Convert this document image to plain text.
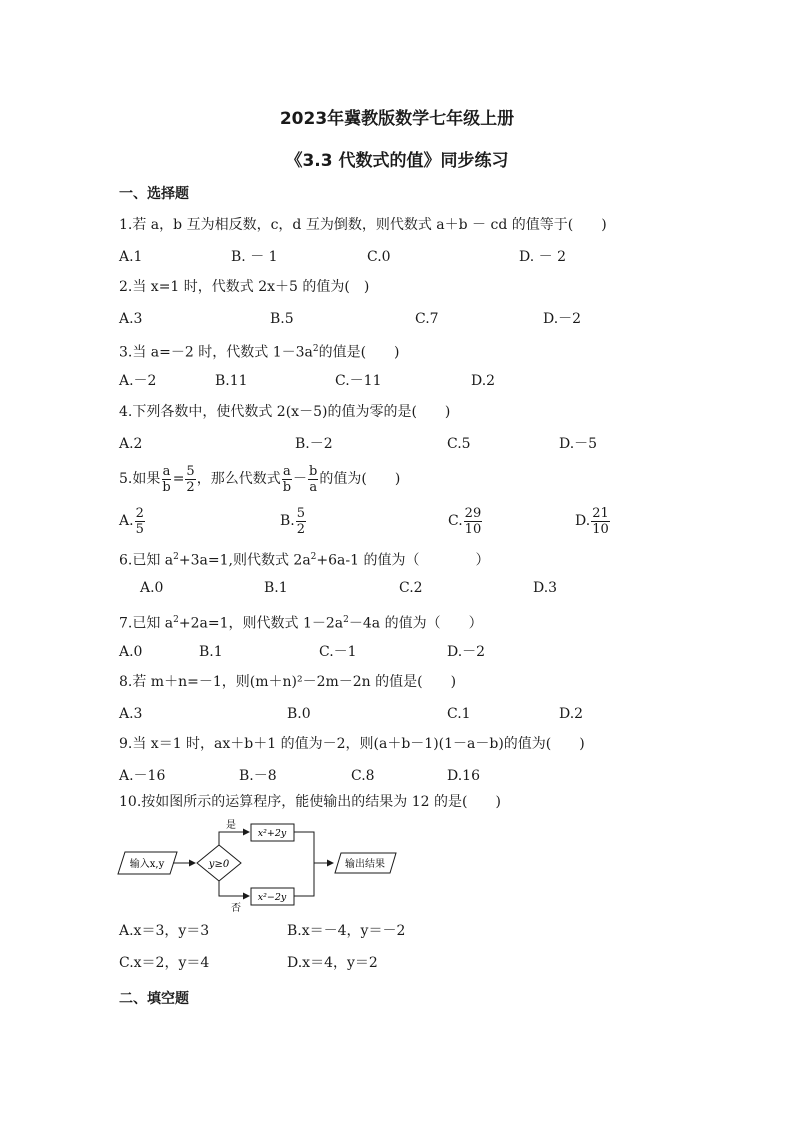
2023年冀教版数学七年级上册
《3.3 代数式的值》同步练习
一、选择题
1.若 a，b 互为相反数，c，d 互为倒数，则代数式 a＋b － cd 的值等于(　　)
A.1	B. － 1	C.0	D. － 2
2.当 x=1 时，代数式 2x＋5 的值为(　)
A.3	B.5	C.7	D.－2
3.当 a=－2 时，代数式 $1-3a^2$的值是(　　)
A.－2	B.11	C.－11	D.2
4.下列各数中，使代数式 2(x－5)的值为零的是(　　)
A.2	B.－2	C.5	D.－5
5.如果 $\frac{a}{b} = \frac{5}{2}$ ，那么代数式 $\frac{a}{b} - \frac{b}{a}$ 的值为(　　)
A. $\frac{2}{5}$	B. $\frac{5}{2}$	C. $\frac{29}{10}$	D. $\frac{21}{10}$
6.已知 $a^2+3a=1$,则代数式 $2a^2+6a-1$ 的值为（　　　　）
A.0	B.1	C.2	D.3
7.已知 $a^2+2a=1$，则代数式 $1-2a^2-4a$ 的值为（　　）
A.0	B.1	C.－1	D.－2
8.若 m＋n=－1，则(m＋n)²－2m－2n 的值是(　　)
A.3	B.0	C.1	D.2
9.当 x＝1 时，ax＋b＋1 的值为－2，则(a＋b－1)(1－a－b)的值为(　　)
A.－16	B.－8	C.8	D.16
10.按如图所示的运算程序，能使输出的结果为 12 的是(　　)
输入x,y	y≥0
是
否
x²+2y
x²−2y
输出结果
A.x＝3，y＝3	B.x＝－4，y＝－2
C.x＝2，y＝4	D.x＝4，y＝2
二、填空题
